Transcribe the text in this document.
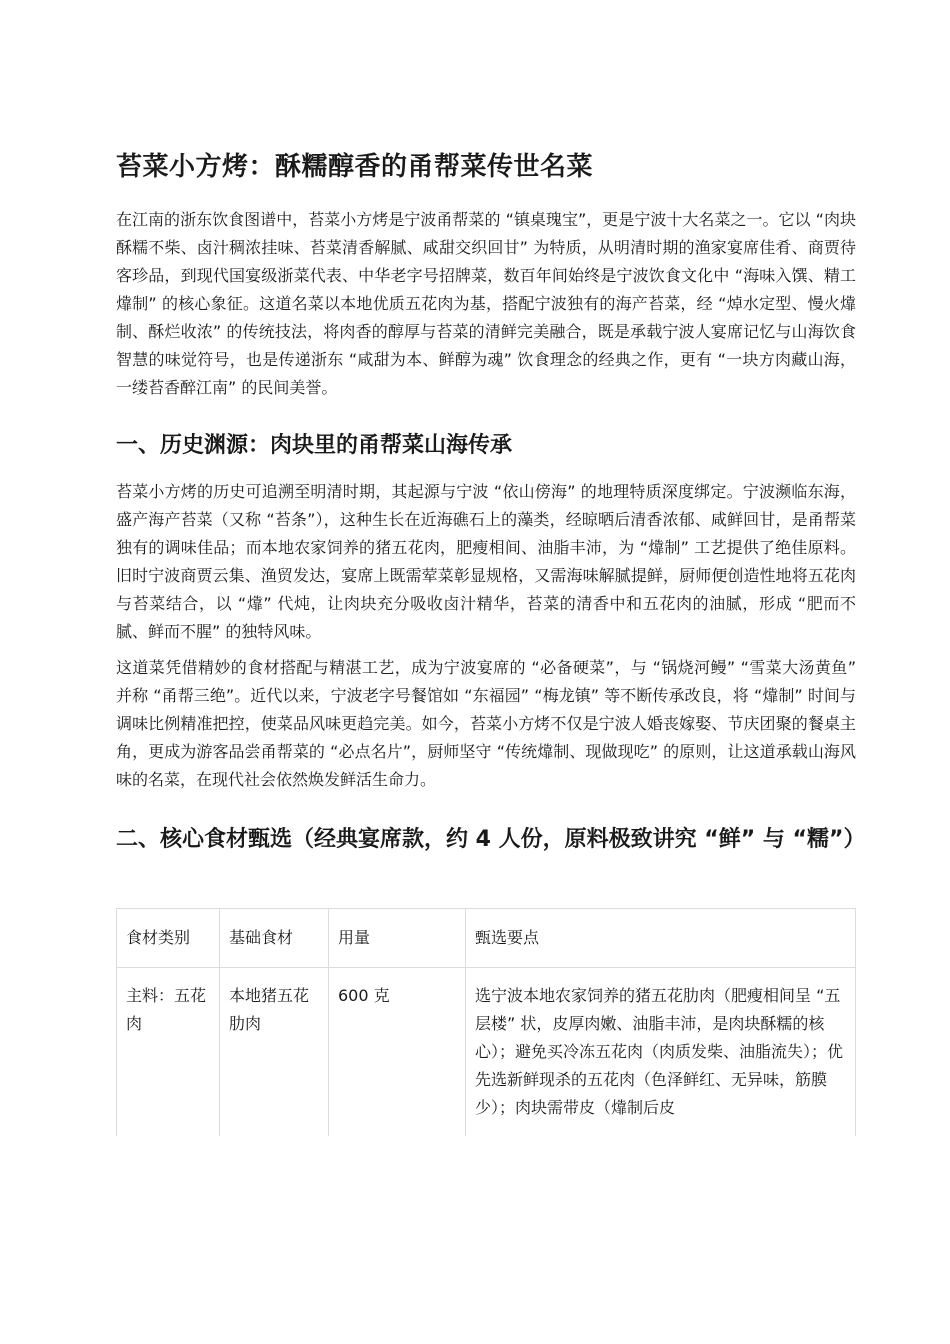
苔菜小方烤：酥糯醇香的甬帮菜传世名菜

在江南的浙东饮食图谱中，苔菜小方烤是宁波甬帮菜的 “镇桌瑰宝”，更是宁波十大名菜之一。它以 “肉块酥糯不柴、卤汁稠浓挂味、苔菜清香解腻、咸甜交织回甘” 为特质，从明清时期的渔家宴席佳肴、商贾待客珍品，到现代国宴级浙菜代表、中华老字号招牌菜，数百年间始终是宁波饮食文化中 “海味入馔、精工㸆制” 的核心象征。这道名菜以本地优质五花肉为基，搭配宁波独有的海产苔菜，经 “焯水定型、慢火㸆制、酥烂收浓” 的传统技法，将肉香的醇厚与苔菜的清鲜完美融合，既是承载宁波人宴席记忆与山海饮食智慧的味觉符号，也是传递浙东 “咸甜为本、鲜醇为魂” 饮食理念的经典之作，更有 “一块方肉藏山海，一缕苔香醉江南” 的民间美誉。

一、历史渊源：肉块里的甬帮菜山海传承

苔菜小方烤的历史可追溯至明清时期，其起源与宁波 “依山傍海” 的地理特质深度绑定。宁波濒临东海，盛产海产苔菜（又称 “苔条”），这种生长在近海礁石上的藻类，经晾晒后清香浓郁、咸鲜回甘，是甬帮菜独有的调味佳品；而本地农家饲养的猪五花肉，肥瘦相间、油脂丰沛，为 “㸆制” 工艺提供了绝佳原料。旧时宁波商贾云集、渔贸发达，宴席上既需荤菜彰显规格，又需海味解腻提鲜，厨师便创造性地将五花肉与苔菜结合，以 “㸆” 代炖，让肉块充分吸收卤汁精华，苔菜的清香中和五花肉的油腻，形成 “肥而不腻、鲜而不腥” 的独特风味。

这道菜凭借精妙的食材搭配与精湛工艺，成为宁波宴席的 “必备硬菜”，与 “锅烧河鳗” “雪菜大汤黄鱼” 并称 “甬帮三绝”。近代以来，宁波老字号餐馆如 “东福园” “梅龙镇” 等不断传承改良，将 “㸆制” 时间与调味比例精准把控，使菜品风味更趋完美。如今，苔菜小方烤不仅是宁波人婚丧嫁娶、节庆团聚的餐桌主角，更成为游客品尝甬帮菜的 “必点名片”，厨师坚守 “传统㸆制、现做现吃” 的原则，让这道承载山海风味的名菜，在现代社会依然焕发鲜活生命力。

二、核心食材甄选（经典宴席款，约 4 人份，原料极致讲究 “鲜” 与 “糯”）
食材类别	基础食材	用量	甄选要点
主料：五花肉	本地猪五花肋肉	600 克	选宁波本地农家饲养的猪五花肋肉（肥瘦相间呈 “五层楼” 状，皮厚肉嫩、油脂丰沛，是肉块酥糯的核心）；避免买冷冻五花肉（肉质发柴、油脂流失）；优先选新鲜现杀的五花肉（色泽鲜红、无异味，筋膜少）；肉块需带皮（㸆制后皮
